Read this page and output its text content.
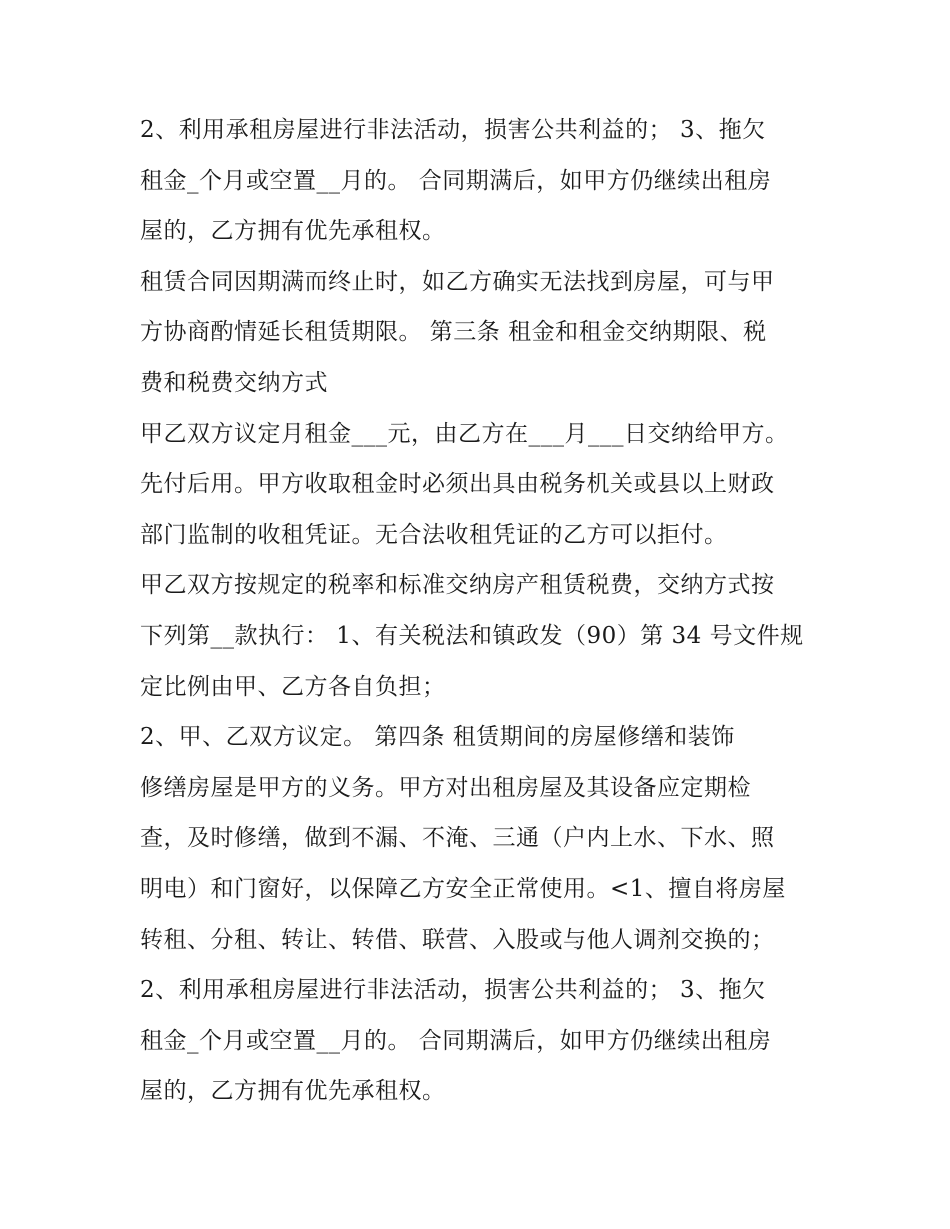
2、利用承租房屋进行非法活动，损害公共利益的； 3、拖欠
租金_个月或空置__月的。 合同期满后，如甲方仍继续出租房
屋的，乙方拥有优先承租权。
租赁合同因期满而终止时，如乙方确实无法找到房屋，可与甲
方协商酌情延长租赁期限。 第三条 租金和租金交纳期限、税
费和税费交纳方式
甲乙双方议定月租金___元，由乙方在___月___日交纳给甲方。
先付后用。甲方收取租金时必须出具由税务机关或县以上财政
部门监制的收租凭证。无合法收租凭证的乙方可以拒付。
甲乙双方按规定的税率和标准交纳房产租赁税费，交纳方式按
下列第__款执行： 1、有关税法和镇政发（90）第 34 号文件规
定比例由甲、乙方各自负担；
2、甲、乙双方议定。 第四条 租赁期间的房屋修缮和装饰
修缮房屋是甲方的义务。甲方对出租房屋及其设备应定期检
查，及时修缮，做到不漏、不淹、三通（户内上水、下水、照
明电）和门窗好，以保障乙方安全正常使用。<1、擅自将房屋
转租、分租、转让、转借、联营、入股或与他人调剂交换的；
2、利用承租房屋进行非法活动，损害公共利益的； 3、拖欠
租金_个月或空置__月的。 合同期满后，如甲方仍继续出租房
屋的，乙方拥有优先承租权。
